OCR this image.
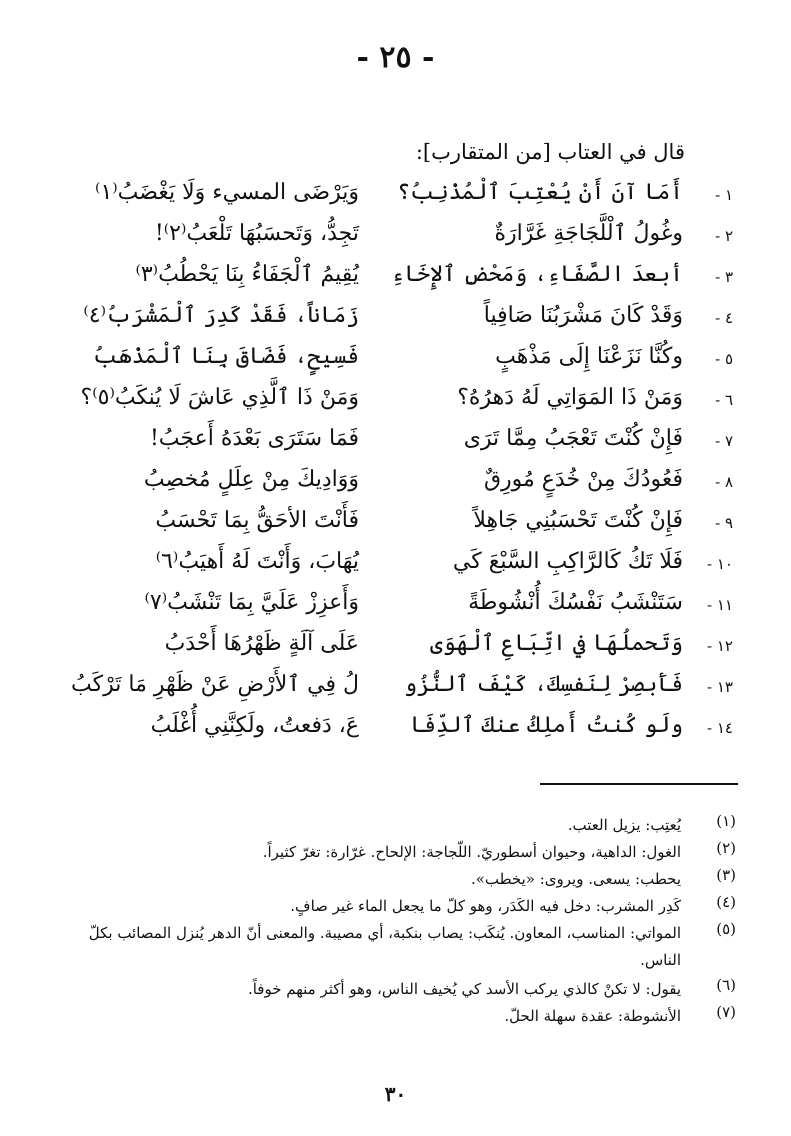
- ٢٥ -
قال في العتاب [من المتقارب]:
١ -
أَمَا آنَ أَنْ يُعْتِبَ ٱلْمُذْنِبُ؟
وَيَرْضَى المسيء وَلَا يَغْضَبُ⁽١⁾
٢ -
وغُولُ ٱلْلَّجَاجَةِ غَرَّارَةٌ
تَجِدُّ، وَتَحسَبُهَا تَلْعَبُ⁽٢⁾!
٣ -
أبعدَ الصَّفَاءِ، وَمَحْضِ ٱلإِخَاءِ
يُقِيمُ ٱلْجَفَاءُ بِنَا يَحْطُبُ⁽٣⁾
٤ -
وَقَدْ كَانَ مَشْرَبُنَا صَافِياً
زَمَاناً، فَقَدْ كَدِرَ ٱلْمَشْرَبُ⁽٤⁾
٥ -
وكُنَّا نَزَعْنَا إِلَى مَذْهَبٍ
فَسِيحٍ، فَضَاقَ بِنَا ٱلْمَذْهَبُ
٦ -
وَمَنْ ذَا المَوَاتِي لَهُ دَهرُهُ؟
وَمَنْ ذَا ٱلَّذِي عَاشَ لَا يُنكَبُ⁽٥⁾؟
٧ -
فَإِنْ كُنْتَ تَعْجَبُ مِمَّا تَرَى
فَمَا سَتَرَى بَعْدَهُ أَعجَبُ!
٨ -
فَعُودُكَ مِنْ خُدَعٍ مُورِقٌ
وَوَادِيكَ مِنْ عِلَلٍ مُخصِبُ
٩ -
فَإِنْ كُنْتَ تَحْسَبُنِي جَاهِلاً
فَأَنْتَ الأحَقُّ بِمَا تَحْسَبُ
١٠ -
فَلَا تَكُ كَالرَّاكِبِ السَّبْعَ كَي
يُهَابَ، وَأَنْتَ لَهُ أَهيَبُ⁽٦⁾
١١ -
سَتَنْشَبُ نَفْسُكَ أُنْشُوطَةً
وَأَعزِزْ عَلَيَّ بِمَا تَنْشَبُ⁽٧⁾
١٢ -
وَتَحملُهَا في اتِّبَاعِ ٱلْهَوَى
عَلَى آلَةٍ ظَهْرُهَا أَحْدَبُ
١٣ -
فَأَبصِرْ لِنَفسِكَ، كَيْفَ ٱلنُّزُو
لُ فِي ٱلأَرْضِ عَنْ ظَهْرِ مَا تَرْكَبُ
١٤ -
ولَو كُنتُ أَملِكُ عنكَ ٱلدِّفَا
عَ، دَفعتُ، ولَكِنَّنِي أُغْلَبُ
(١)
يُعتِب: يزيل العتب.
(٢)
الغول: الداهية، وحيوان أسطوريّ. اللّجاجة: الإلحاح. غرّارة: تغرّ كثيراً.
(٣)
يحطب: يسعى. ويروى: «يخطب».
(٤)
كَدِر المشرب: دخل فيه الكَدَر، وهو كلّ ما يجعل الماء غير صافٍ.
(٥)
المواتي: المناسب، المعاون. يُنكَب: يصاب بنكبة، أي مصيبة. والمعنى أنّ الدهر يُنزل المصائب بكلّ الناس.
(٦)
يقول: لا تكنْ كالذي يركب الأسد كي يُخيف الناس، وهو أكثر منهم خوفاً.
(٧)
الأنشوطة: عقدة سهلة الحلّ.
٣٠
